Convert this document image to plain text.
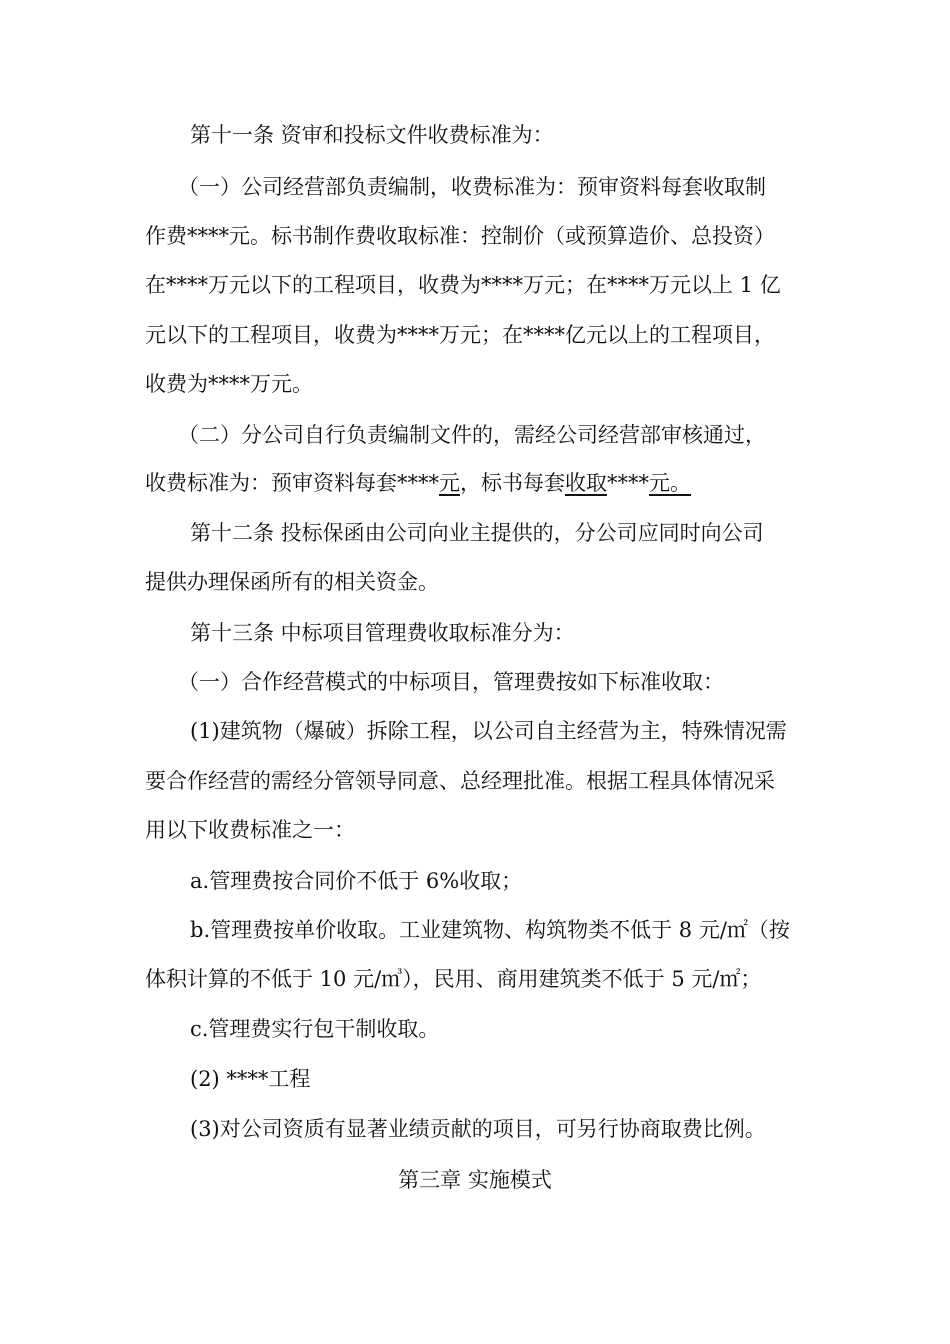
第十一条 资审和投标文件收费标准为：
（一）公司经营部负责编制，收费标准为：预审资料每套收取制
作费****元。标书制作费收取标准：控制价（或预算造价、总投资）
在****万元以下的工程项目，收费为****万元；在****万元以上 1 亿
元以下的工程项目，收费为****万元；在****亿元以上的工程项目，
收费为****万元。
（二）分公司自行负责编制文件的，需经公司经营部审核通过，
收费标准为：预审资料每套****元，标书每套收取****元。
第十二条 投标保函由公司向业主提供的，分公司应同时向公司
提供办理保函所有的相关资金。
第十三条 中标项目管理费收取标准分为：
（一）合作经营模式的中标项目，管理费按如下标准收取：
(1)建筑物（爆破）拆除工程，以公司自主经营为主，特殊情况需
要合作经营的需经分管领导同意、总经理批准。根据工程具体情况采
用以下收费标准之一：
a.管理费按合同价不低于 6%收取；
b.管理费按单价收取。工业建筑物、构筑物类不低于 8 元/㎡（按
体积计算的不低于 10 元/㎥），民用、商用建筑类不低于 5 元/㎡；
c.管理费实行包干制收取。
(2) ****工程
(3)对公司资质有显著业绩贡献的项目，可另行协商取费比例。
第三章 实施模式
